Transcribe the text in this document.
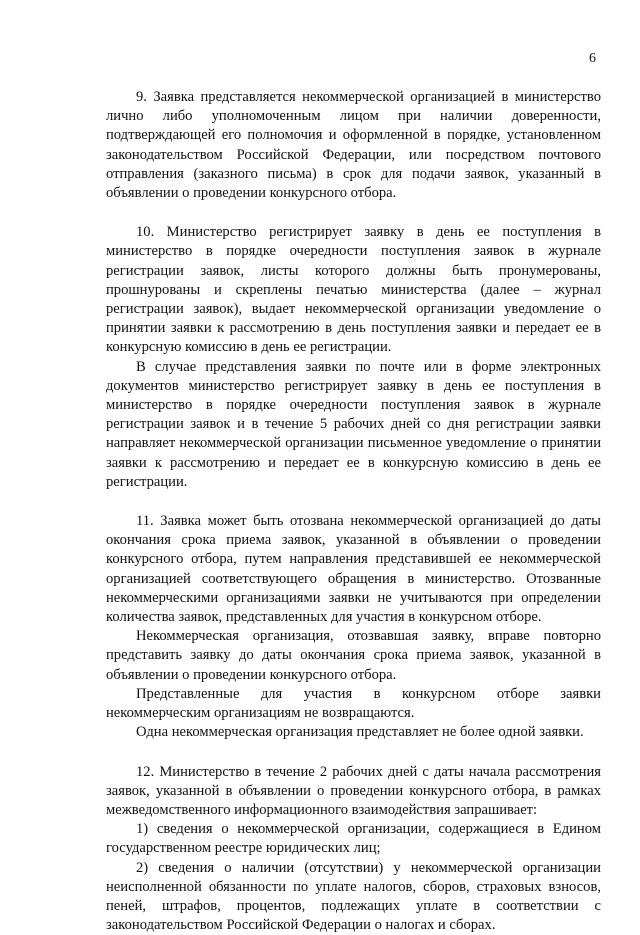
6

9. Заявка представляется некоммерческой организацией в министерство лично либо уполномоченным лицом при наличии доверенности, подтверждающей его полномочия и оформленной в порядке, установленном законодательством Российской Федерации, или посредством почтового отправления (заказного письма) в срок для подачи заявок, указанный в объявлении о проведении конкурсного отбора.

10. Министерство регистрирует заявку в день ее поступления в министерство в порядке очередности поступления заявок в журнале регистрации заявок, листы которого должны быть пронумерованы, прошнурованы и скреплены печатью министерства (далее – журнал регистрации заявок), выдает некоммерческой организации уведомление о принятии заявки к рассмотрению в день поступления заявки и передает ее в конкурсную комиссию в день ее регистрации.

В случае представления заявки по почте или в форме электронных документов министерство регистрирует заявку в день ее поступления в министерство в порядке очередности поступления заявок в журнале регистрации заявок и в течение 5 рабочих дней со дня регистрации заявки направляет некоммерческой организации письменное уведомление о принятии заявки к рассмотрению и передает ее в конкурсную комиссию в день ее регистрации.

11. Заявка может быть отозвана некоммерческой организацией до даты окончания срока приема заявок, указанной в объявлении о проведении конкурсного отбора, путем направления представившей ее некоммерческой организацией соответствующего обращения в министерство. Отозванные некоммерческими организациями заявки не учитываются при определении количества заявок, представленных для участия в конкурсном отборе.

Некоммерческая организация, отозвавшая заявку, вправе повторно представить заявку до даты окончания срока приема заявок, указанной в объявлении о проведении конкурсного отбора.

Представленные для участия в конкурсном отборе заявки некоммерческим организациям не возвращаются.

Одна некоммерческая организация представляет не более одной заявки.

12. Министерство в течение 2 рабочих дней с даты начала рассмотрения заявок, указанной в объявлении о проведении конкурсного отбора, в рамках межведомственного информационного взаимодействия запрашивает:

1) сведения о некоммерческой организации, содержащиеся в Едином государственном реестре юридических лиц;

2) сведения о наличии (отсутствии) у некоммерческой организации неисполненной обязанности по уплате налогов, сборов, страховых взносов, пеней, штрафов, процентов, подлежащих уплате в соответствии с законодательством Российской Федерации о налогах и сборах.
